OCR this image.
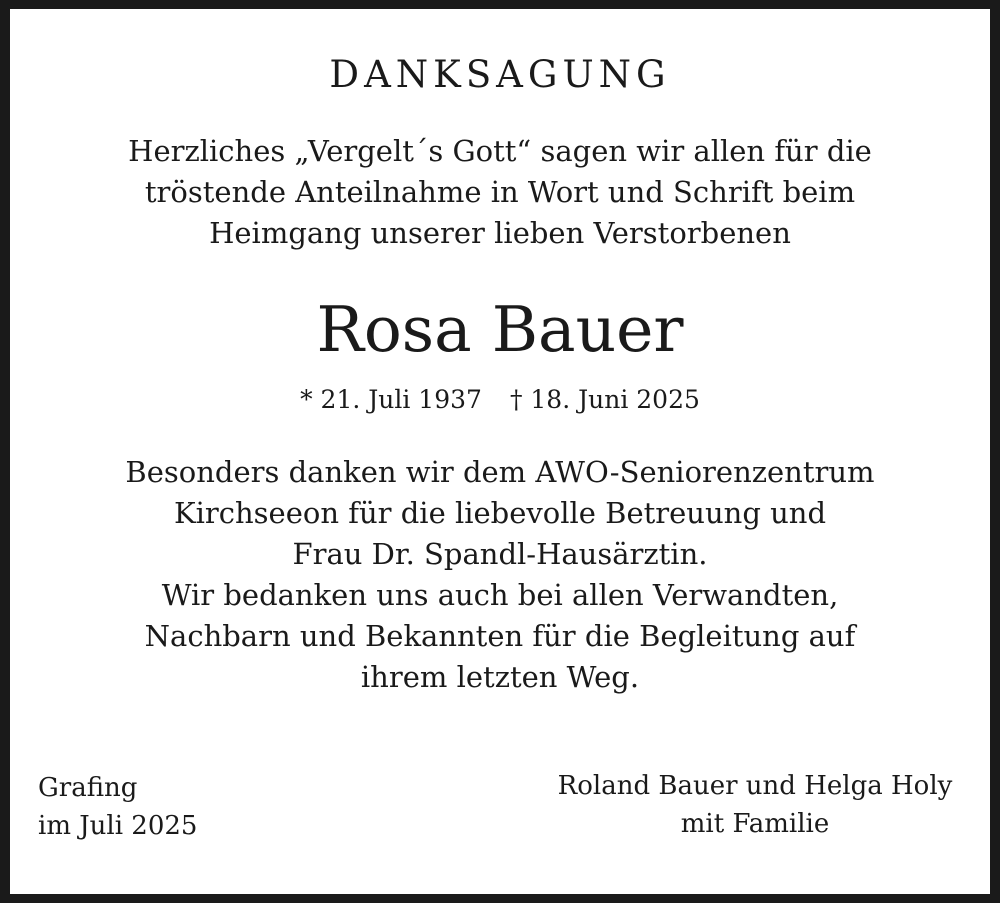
DANKSAGUNG
Herzliches „Vergelt´s Gott“ sagen wir allen für die
tröstende Anteilnahme in Wort und Schrift beim
Heimgang unserer lieben Verstorbenen
Rosa Bauer
* 21. Juli 1937 † 18. Juni 2025
Besonders danken wir dem AWO-Seniorenzentrum
Kirchseeon für die liebevolle Betreuung und
Frau Dr. Spandl-Hausärztin.
Wir bedanken uns auch bei allen Verwandten,
Nachbarn und Bekannten für die Begleitung auf
ihrem letzten Weg.
Grafing
im Juli 2025
Roland Bauer und Helga Holy
mit Familie
